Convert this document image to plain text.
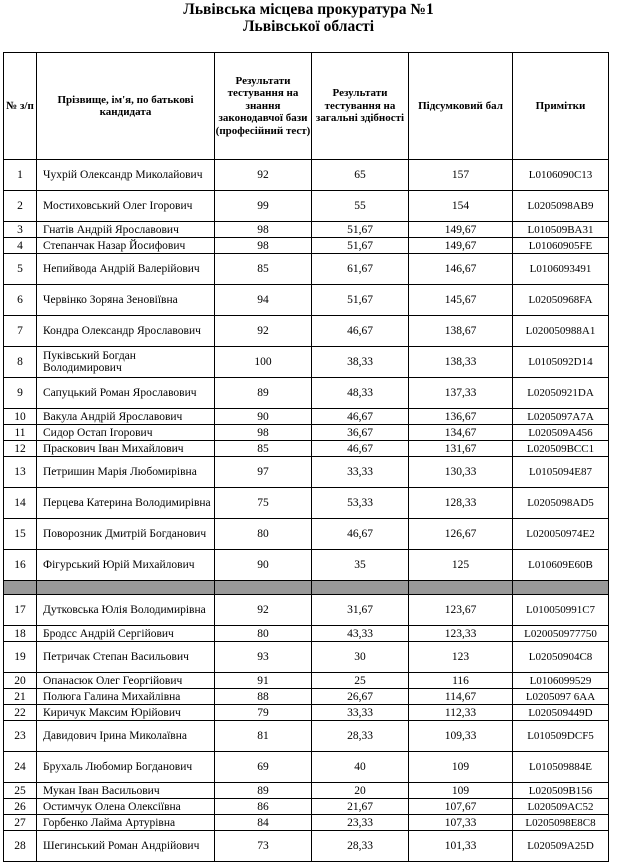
Львівська місцева прокуратура №1
Львівської області
№ з/п	Прізвище, ім'я, по батькові кандидата	Результати тестування на знання законодавчої бази (професійний тест)	Результати тестування на загальні здібності	Підсумковий бал	Примітки
1	Чухрій Олександр Миколайович	92	65	157	L0106090C13
2	Мостиховський Олег Ігорович	99	55	154	L0205098AB9
3	Гнатів Андрій Ярославович	98	51,67	149,67	L010509BA31
4	Степанчак Назар Йосифович	98	51,67	149,67	L01060905FE
5	Непийвода Андрій Валерійович	85	61,67	146,67	L0106093491
6	Червінко Зоряна Зеновіївна	94	51,67	145,67	L02050968FA
7	Кондра Олександр Ярославович	92	46,67	138,67	L020050988A1
8	Пуківський Богдан Володимирович	100	38,33	138,33	L0105092D14
9	Сапуцький Роман Ярославович	89	48,33	137,33	L02050921DA
10	Вакула Андрій Ярославович	90	46,67	136,67	L0205097A7A
11	Сидор Остап Ігорович	98	36,67	134,67	L020509A456
12	Праскович Іван Михайлович	85	46,67	131,67	L020509BCC1
13	Петришин Марія Любомирівна	97	33,33	130,33	L0105094E87
14	Перцева Катерина Володимирівна	75	53,33	128,33	L0205098AD5
15	Поворозник Дмитрій Богданович	80	46,67	126,67	L020050974E2
16	Фігурський Юрій Михайлович	90	35	125	L010609E60B

17	Дутковська Юлія Володимирівна	92	31,67	123,67	L010050991C7
18	Бродсс Андрій Сергійович	80	43,33	123,33	L020050977750
19	Петричак Степан Васильович	93	30	123	L02050904C8
20	Опанасюк Олег Георгійович	91	25	116	L0106099529
21	Полюга Галина Михайлівна	88	26,67	114,67	L0205097 6AA
22	Киричук Максим Юрійович	79	33,33	112,33	L020509449D
23	Давидович Ірина Миколаївна	81	28,33	109,33	L010509DCF5
24	Брухаль Любомир Богданович	69	40	109	L010509884E
25	Мукан Іван Васильович	89	20	109	L020509B156
26	Остимчук Олена Олексіївна	86	21,67	107,67	L020509AC52
27	Горбенко Лайма Артурівна	84	23,33	107,33	L0205098E8C8
28	Шегинський Роман Андрійович	73	28,33	101,33	L020509A25D
